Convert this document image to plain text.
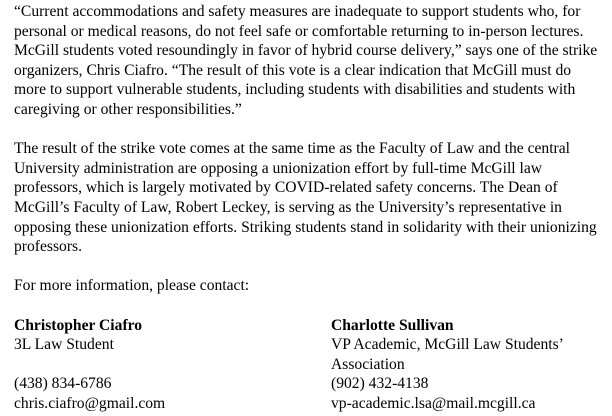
“Current accommodations and safety measures are inadequate to support students who, for personal or medical reasons, do not feel safe or comfortable returning to in-person lectures. McGill students voted resoundingly in favor of hybrid course delivery,” says one of the strike organizers, Chris Ciafro. “The result of this vote is a clear indication that McGill must do more to support vulnerable students, including students with disabilities and students with caregiving or other responsibilities.”

The result of the strike vote comes at the same time as the Faculty of Law and the central University administration are opposing a unionization effort by full-time McGill law professors, which is largely motivated by COVID-related safety concerns. The Dean of McGill’s Faculty of Law, Robert Leckey, is serving as the University’s representative in opposing these unionization efforts. Striking students stand in solidarity with their unionizing professors.

For more information, please contact:

Christopher Ciafro
3L Law Student
(438) 834-6786
chris.ciafro@gmail.com
Charlotte Sullivan
VP Academic, McGill Law Students’
Association
(902) 432-4138
vp-academic.lsa@mail.mcgill.ca
